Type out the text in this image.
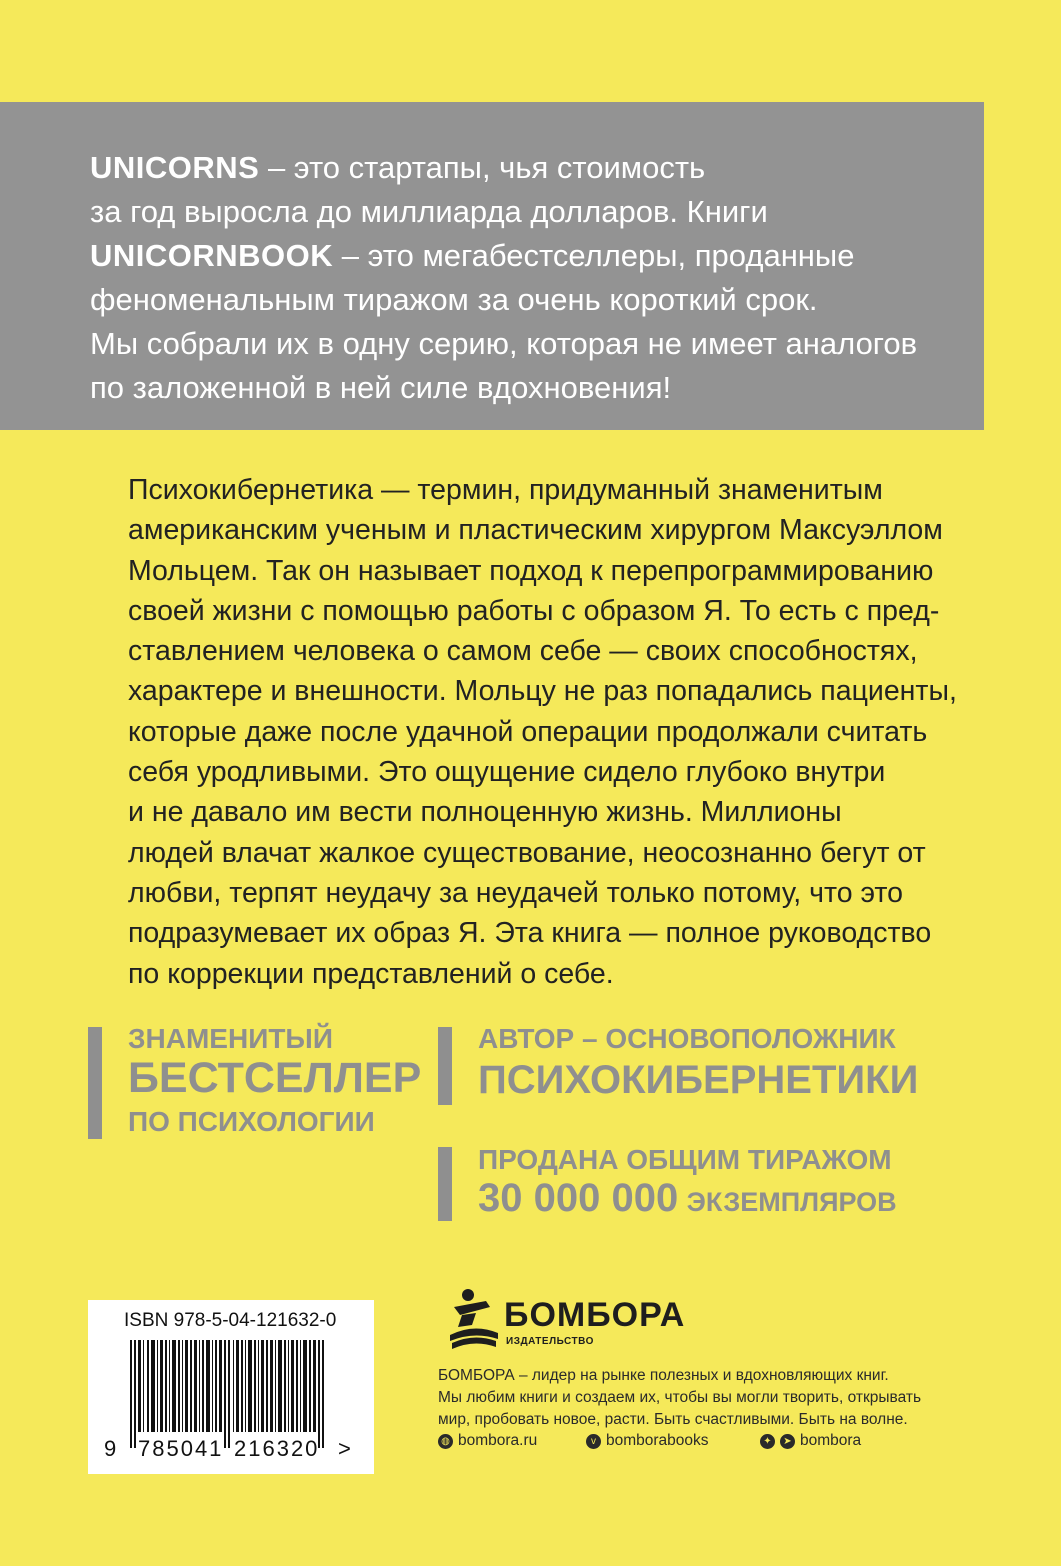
UNICORNS – это стартапы, чья стоимость
за год выросла до миллиарда долларов. Книги
UNICORNBOOK – это мегабестселлеры, проданные
феноменальным тиражом за очень короткий срок.
Мы собрали их в одну серию, которая не имеет аналогов
по заложенной в ней силе вдохновения!
Психокибернетика — термин, придуманный знаменитым
американским ученым и пластическим хирургом Максуэллом
Мольцем. Так он называет подход к перепрограммированию
своей жизни с помощью работы с образом Я. То есть с пред-
ставлением человека о самом себе — своих способностях,
характере и внешности. Мольцу не раз попадались пациенты,
которые даже после удачной операции продолжали считать
себя уродливыми. Это ощущение сидело глубоко внутри
и не давало им вести полноценную жизнь. Миллионы
людей влачат жалкое существование, неосознанно бегут от
любви, терпят неудачу за неудачей только потому, что это
подразумевает их образ Я. Эта книга — полное руководство
по коррекции представлений о себе.
ЗНАМЕНИТЫЙ
БЕСТСЕЛЛЕР
ПО ПСИХОЛОГИИ
АВТОР – ОСНОВОПОЛОЖНИК
ПСИХОКИБЕРНЕТИКИ
ПРОДАНА ОБЩИМ ТИРАЖОМ
30 000 000 ЭКЗЕМПЛЯРОВ
ISBN 978-5-04-121632-0
9 785041 216320 >
БОМБОРА
ИЗДАТЕЛЬСТВО
БОМБОРА – лидер на рынке полезных и вдохновляющих книг.
Мы любим книги и создаем их, чтобы вы могли творить, открывать
мир, пробовать новое, расти. Быть счастливыми. Быть на волне.
◍ bombora.ru	v bomborabooks	✦	➤ bombora
